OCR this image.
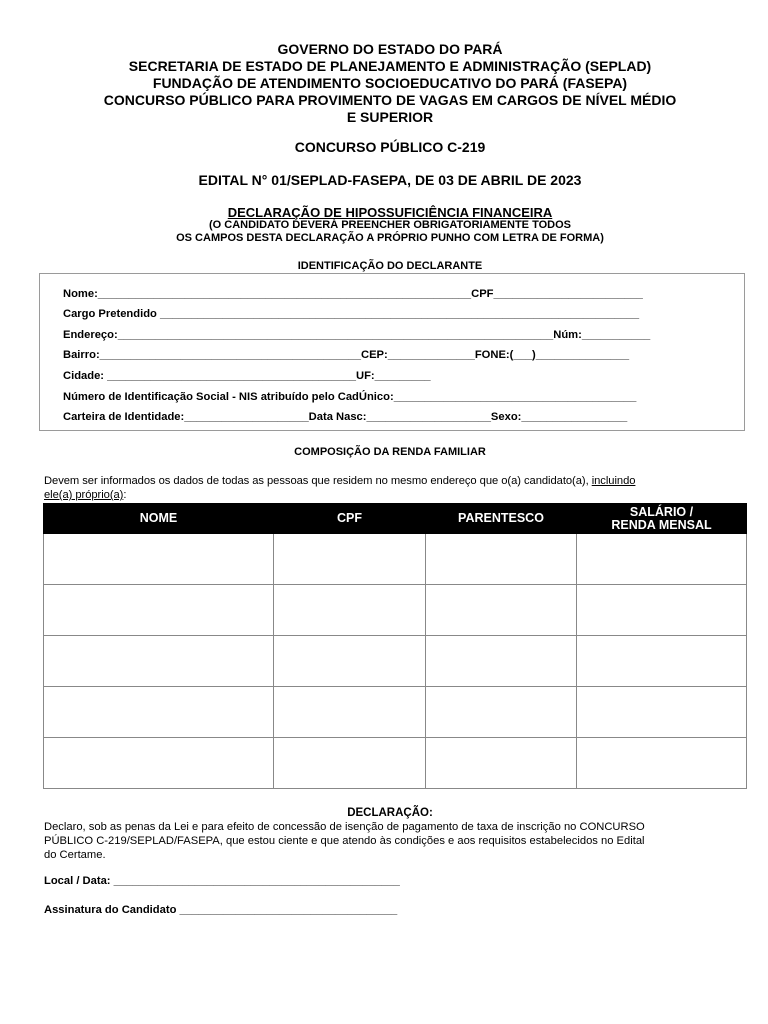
GOVERNO DO ESTADO DO PARÁ
SECRETARIA DE ESTADO DE PLANEJAMENTO E ADMINISTRAÇÃO (SEPLAD)
FUNDAÇÃO DE ATENDIMENTO SOCIOEDUCATIVO DO PARÁ (FASEPA)
CONCURSO PÚBLICO PARA PROVIMENTO DE VAGAS EM CARGOS DE NÍVEL MÉDIO
E SUPERIOR
CONCURSO PÚBLICO C-219
EDITAL N° 01/SEPLAD-FASEPA, DE 03 DE ABRIL DE 2023
DECLARAÇÃO DE HIPOSSUFICIÊNCIA FINANCEIRA
(O CANDIDATO DEVERÁ PREENCHER OBRIGATORIAMENTE TODOS
OS CAMPOS DESTA DECLARAÇÃO A PRÓPRIO PUNHO COM LETRA DE FORMA)
IDENTIFICAÇÃO DO DECLARANTE
Nome:____________________________________________________________CPF________________________
Cargo Pretendido _____________________________________________________________________________
Endereço:______________________________________________________________________Núm:___________
Bairro:__________________________________________CEP:______________FONE:(___)_______________
Cidade: ________________________________________UF:_________
Número de Identificação Social - NIS atribuído pelo CadÚnico:_______________________________________
Carteira de Identidade:____________________Data Nasc:____________________Sexo:_________________
COMPOSIÇÃO DA RENDA FAMILIAR
Devem ser informados os dados de todas as pessoas que residem no mesmo endereço que o(a) candidato(a), incluindo
ele(a) próprio(a):
NOME	CPF	PARENTESCO	SALÁRIO /
RENDA MENSAL

DECLARAÇÃO:
Declaro, sob as penas da Lei e para efeito de concessão de isenção de pagamento de taxa de inscrição no CONCURSO
PÚBLICO C-219/SEPLAD/FASEPA, que estou ciente e que atendo às condições e aos requisitos estabelecidos no Edital
do Certame.
Local / Data: ______________________________________________
Assinatura do Candidato ___________________________________
